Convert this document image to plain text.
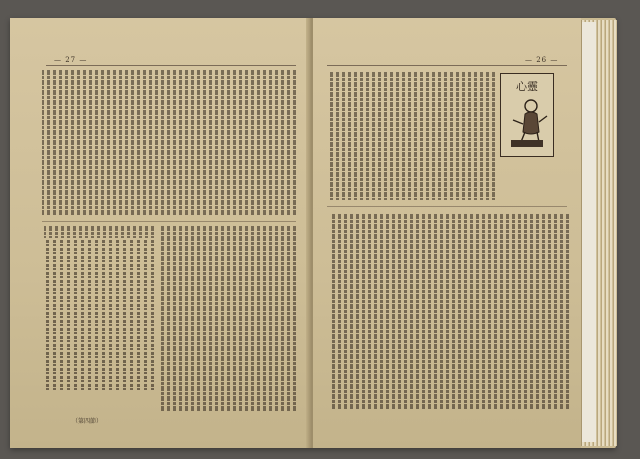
— 27 —
（第四節）
— 26 —
心靈
